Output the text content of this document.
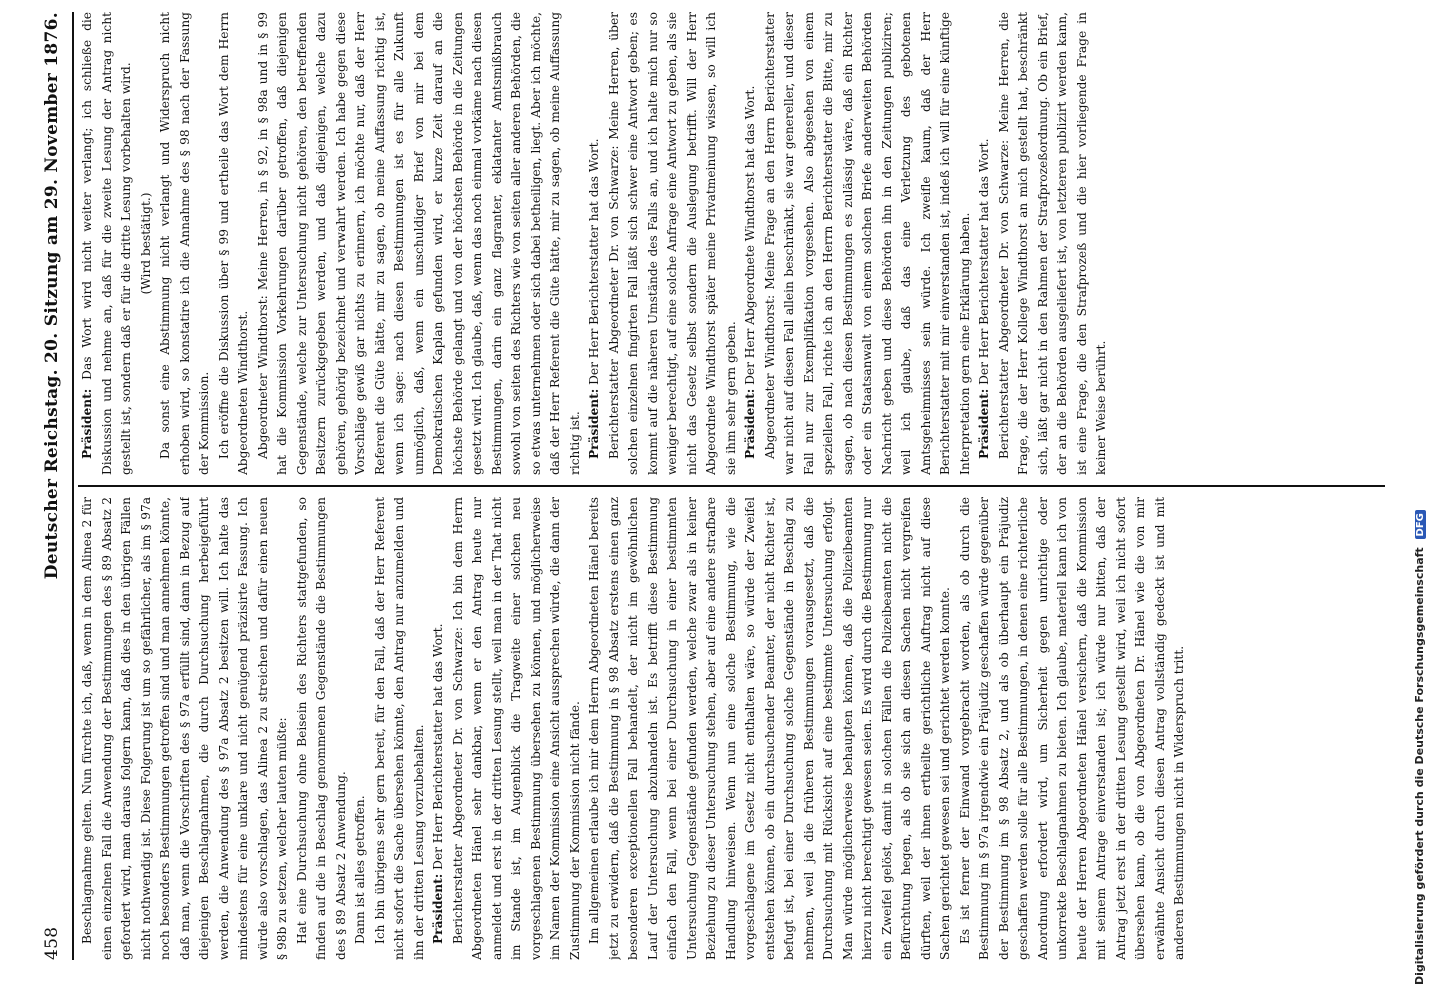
458
Deutscher Reichstag. 20. Sitzung am 29. November 1876.

Beschlagnahme gelten. Nun fürchte ich, daß, wenn in dem Alinea 2 für einen einzelnen Fall die Anwendung der Bestimmungen des § 89 Absatz 2 gefordert wird, man daraus folgern kann, daß dies in den übrigen Fällen nicht nothwendig ist. Diese Folgerung ist um so gefährlicher, als im § 97a noch besonders Bestimmungen getroffen sind und man annehmen könnte, daß man, wenn die Vorschriften des § 97a erfüllt sind, dann in Bezug auf diejenigen Beschlagnahmen, die durch Durchsuchung herbeigeführt werden, die Anwendung des § 97a Absatz 2 besitzen will. Ich halte das mindestens für eine unklare und nicht genügend präzisirte Fassung. Ich würde also vorschlagen, das Alinea 2 zu streichen und dafür einen neuen § 98b zu setzen, welcher lauten müßte: Hat eine Durchsuchung ohne Beisein des Richters stattgefunden, so finden auf die in Beschlag genommenen Gegenstände die Bestimmungen des § 89 Absatz 2 Anwendung. Dann ist alles getroffen. Ich bin übrigens sehr gern bereit, für den Fall, daß der Herr Referent nicht sofort die Sache übersehen könnte, den Antrag nur anzumelden und ihn der dritten Lesung vorzubehalten. Präsident: Der Herr Berichterstatter hat das Wort. Berichterstatter Abgeordneter Dr. von Schwarze: Ich bin dem Herrn Abgeordneten Hänel sehr dankbar, wenn er den Antrag heute nur anmeldet und erst in der dritten Lesung stellt, weil man in der That nicht im Stande ist, im Augenblick die Tragweite einer solchen neu vorgeschlagenen Bestimmung übersehen zu können, und möglicherweise im Namen der Kommission eine Ansicht aussprechen würde, die dann der Zustimmung der Kommission nicht fände. Im allgemeinen erlaube ich mir dem Herrn Abgeordneten Hänel bereits jetzt zu erwidern, daß die Bestimmung in § 98 Absatz erstens einen ganz besonderen exceptionellen Fall behandelt, der nicht im gewöhnlichen Lauf der Untersuchung abzuhandeln ist. Es betrifft diese Bestimmung einfach den Fall, wenn bei einer Durchsuchung in einer bestimmten Untersuchung Gegenstände gefunden werden, welche zwar als in keiner Beziehung zu dieser Untersuchung stehen, aber auf eine andere strafbare Handlung hinweisen. Wenn nun eine solche Bestimmung, wie die vorgeschlagene im Gesetz nicht enthalten wäre, so würde der Zweifel entstehen können, ob ein durchsuchender Beamter, der nicht Richter ist, befugt ist, bei einer Durchsuchung solche Gegenstände in Beschlag zu nehmen, weil ja die früheren Bestimmungen vorausgesetzt, daß die Durchsuchung mit Rücksicht auf eine bestimmte Untersuchung erfolgt. Man würde möglicherweise behaupten können, daß die Polizeibeamten hierzu nicht berechtigt gewesen seien. Es wird durch die Bestimmung nur ein Zweifel gelöst, damit in solchen Fällen die Polizeibeamten nicht die Befürchtung hegen, als ob sie sich an diesen Sachen nicht vergreifen dürften, weil der ihnen ertheilte gerichtliche Auftrag nicht auf diese Sachen gerichtet gewesen sei und gerichtet werden konnte. Es ist ferner der Einwand vorgebracht worden, als ob durch die Bestimmung im § 97a irgendwie ein Präjudiz geschaffen würde gegenüber der Bestimmung im § 98 Absatz 2, und als ob überhaupt ein Präjudiz geschaffen werden solle für alle Bestimmungen, in denen eine richterliche Anordnung erfordert wird, um Sicherheit gegen unrichtige oder unkorrekte Beschlagnahmen zu bieten. Ich glaube, materiell kann ich von heute der Herren Abgeordneten Hänel versichern, daß die Kommission mit seinem Antrage einverstanden ist; ich würde nur bitten, daß der Antrag jetzt erst in der dritten Lesung gestellt wird, weil ich nicht sofort übersehen kann, ob die von Abgeordneten Dr. Hänel wie die von mir erwähnte Ansicht durch diesen Antrag vollständig gedeckt ist und mit anderen Bestimmungen nicht in Widerspruch tritt.

Präsident: Das Wort wird nicht weiter verlangt; ich schließe die Diskussion und nehme an, daß für die zweite Lesung der Antrag nicht gestellt ist, sondern daß er für die dritte Lesung vorbehalten wird. (Wird bestätigt.) Da sonst eine Abstimmung nicht verlangt und Widerspruch nicht erhoben wird, so konstatire ich die Annahme des § 98 nach der Fassung der Kommission. Ich eröffne die Diskussion über § 99 und ertheile das Wort dem Herrn Abgeordneten Windthorst. Abgeordneter Windthorst: Meine Herren, in § 92, in § 98a und in § 99 hat die Kommission Vorkehrungen darüber getroffen, daß diejenigen Gegenstände, welche zur Untersuchung nicht gehören, den betreffenden Besitzern zurückgegeben werden, und daß diejenigen, welche dazu gehören, gehörig bezeichnet und verwahrt werden. Ich habe gegen diese Vorschläge gewiß gar nichts zu erinnern, ich möchte nur, daß der Herr Referent die Güte hätte, mir zu sagen, ob meine Auffassung richtig ist, wenn ich sage: nach diesen Bestimmungen ist es für alle Zukunft unmöglich, daß, wenn ein unschuldiger Brief von mir bei dem Demokratischen Kaplan gefunden wird, er kurze Zeit darauf an die höchste Behörde gelangt und von der höchsten Behörde in die Zeitungen gesetzt wird. Ich glaube, daß, wenn das noch einmal vorkäme nach diesen Bestimmungen, darin ein ganz flagranter, eklatanter Amtsmißbrauch sowohl von seiten des Richters wie von seiten aller anderen Behörden, die so etwas unternehmen oder sich dabei betheiligen, liegt. Aber ich möchte, daß der Herr Referent die Güte hätte, mir zu sagen, ob meine Auffassung richtig ist. Präsident: Der Herr Berichterstatter hat das Wort. Berichterstatter Abgeordneter Dr. von Schwarze: Meine Herren, über solchen einzelnen fingirten Fall läßt sich schwer eine Antwort geben; es kommt auf die näheren Umstände des Falls an, und ich halte mich nur so weniger berechtigt, auf eine solche Anfrage eine Antwort zu geben, als sie nicht das Gesetz selbst sondern die Auslegung betrifft. Will der Herr Abgeordnete Windthorst später meine Privatmeinung wissen, so will ich sie ihm sehr gern geben. Präsident: Der Herr Abgeordnete Windthorst hat das Wort. Abgeordneter Windthorst: Meine Frage an den Herrn Berichterstatter war nicht auf diesen Fall allein beschränkt, sie war genereller, und dieser Fall nur zur Exemplifikation vorgesehen. Also abgesehen von einem speziellen Fall, richte ich an den Herrn Berichterstatter die Bitte, mir zu sagen, ob nach diesen Bestimmungen es zulässig wäre, daß ein Richter oder ein Staatsanwalt von einem solchen Briefe anderweiten Behörden Nachricht geben und diese Behörden ihn in den Zeitungen publiziren; weil ich glaube, daß das eine Verletzung des gebotenen Amtsgeheimnisses sein würde. Ich zweifle kaum, daß der Herr Berichterstatter mit mir einverstanden ist, indeß ich will für eine künftige Interpretation gern eine Erklärung haben. Präsident: Der Herr Berichterstatter hat das Wort. Berichterstatter Abgeordneter Dr. von Schwarze: Meine Herren, die Frage, die der Herr Kollege Windthorst an mich gestellt hat, beschränkt sich, läßt gar nicht in den Rahmen der Strafprozeßordnung. Ob ein Brief, der an die Behörden ausgeliefert ist, von letzteren publizirt werden kann, ist eine Frage, die den Strafprozeß und die hier vorliegende Frage in keiner Weise berührt.

Digitalisierung gefördert durch die Deutsche Forschungsgemeinschaft DFG
